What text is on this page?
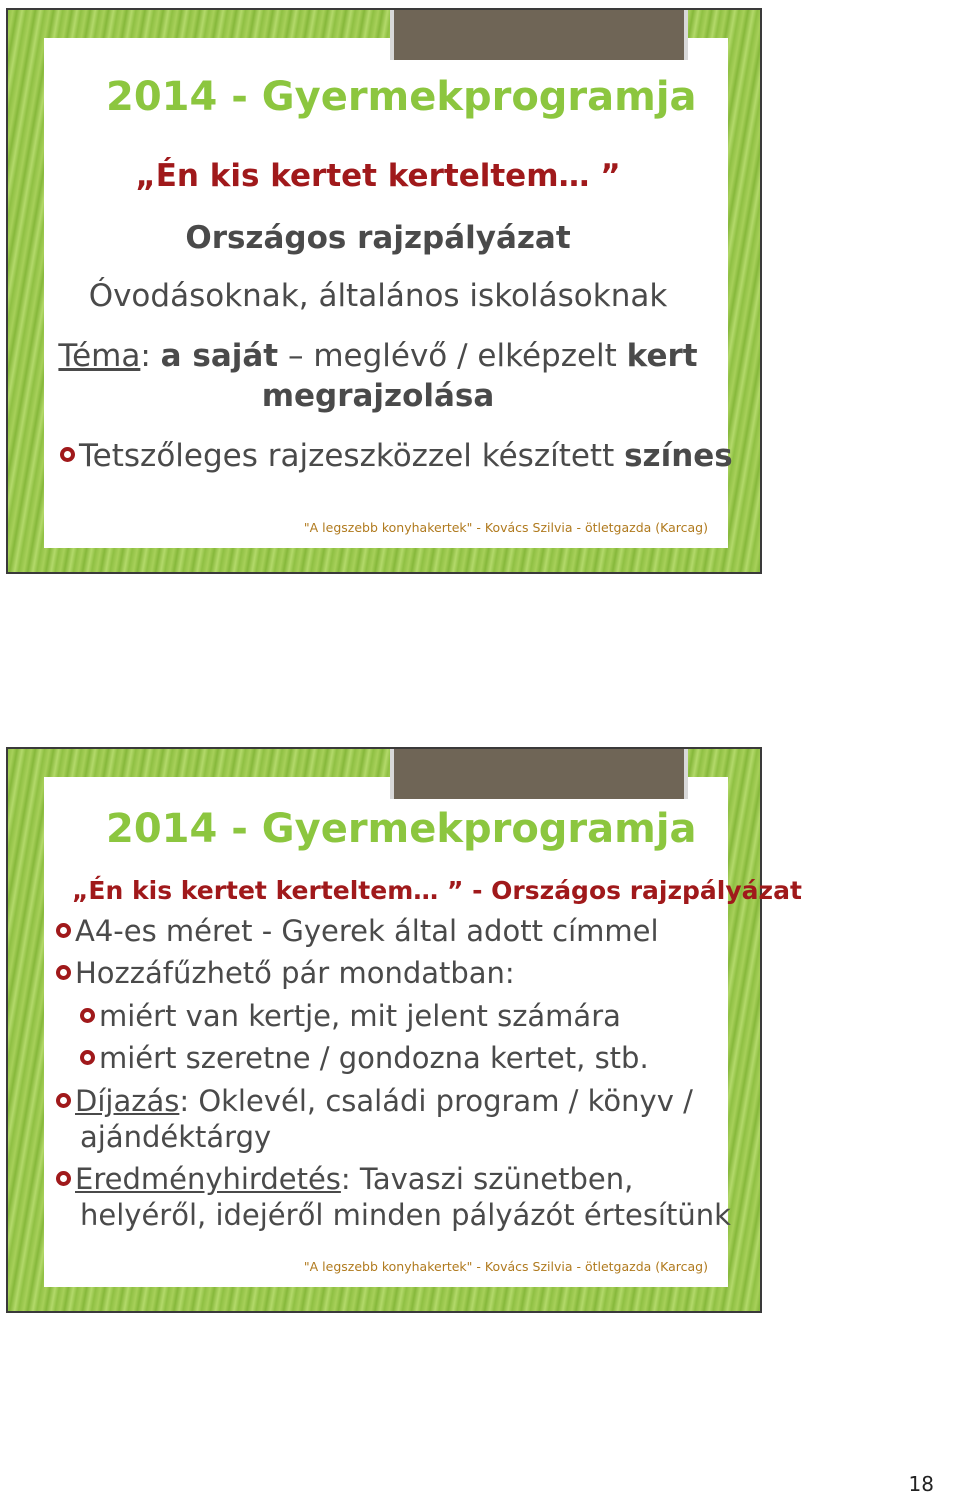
2014 - Gyermekprogramja
„Én kis kertet kerteltem… ”
Országos rajzpályázat
Óvodásoknak, általános iskolásoknak
Téma: a saját – meglévő / elképzelt kert
megrajzolása
Tetszőleges rajzeszközzel készített színes
"A legszebb konyhakertek" - Kovács Szilvia - ötletgazda (Karcag)
2014 - Gyermekprogramja
„Én kis kertet kerteltem… ” - Országos rajzpályázat
A4-es méret - Gyerek által adott címmel
Hozzáfűzhető pár mondatban:
miért van kertje, mit jelent számára
miért szeretne / gondozna kertet, stb.
Díjazás: Oklevél, családi program / könyv /
ajándéktárgy
Eredményhirdetés: Tavaszi szünetben,
helyéről, idejéről minden pályázót értesítünk
"A legszebb konyhakertek" - Kovács Szilvia - ötletgazda (Karcag)
18
